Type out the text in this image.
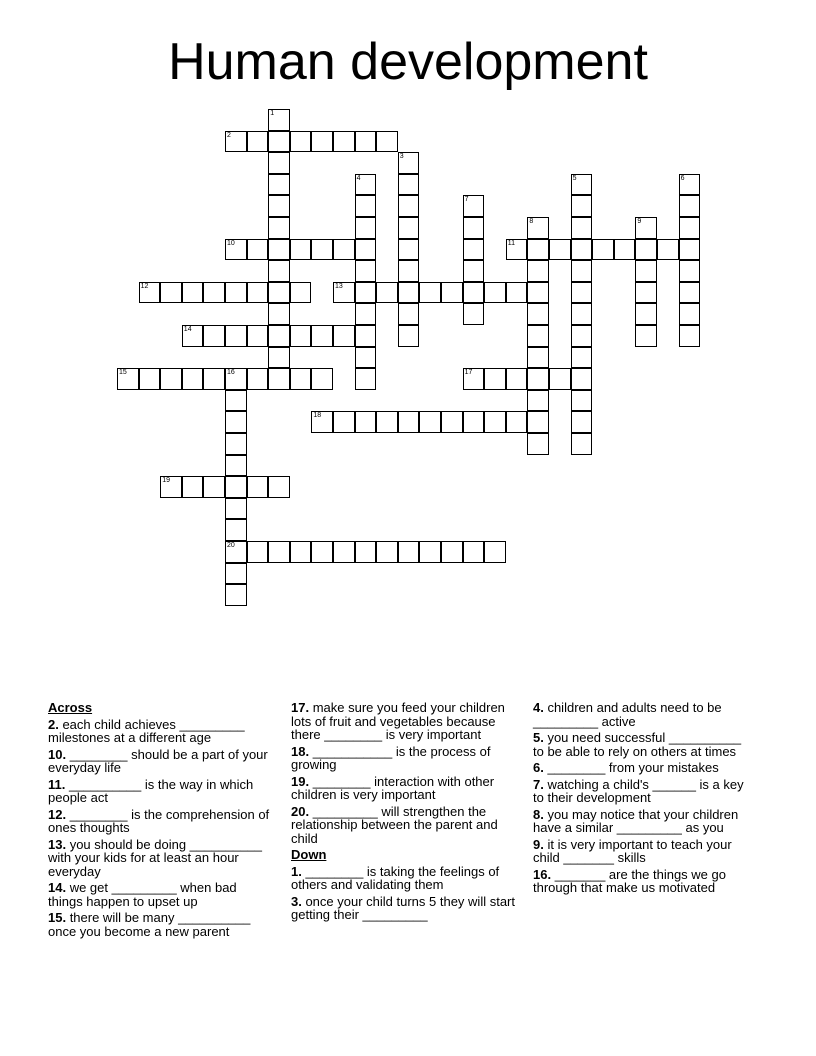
Human development
1
2
3
4	5	6
7
8	9
10	11
12	13
14
15	16
20
17
18
19
Across
2. each child achieves _________ milestones at a different age
10. ________ should be a part of your everyday life
11. __________ is the way in which people act
12. ________ is the comprehension of ones thoughts
13. you should be doing __________ with your kids for at least an hour everyday
14. we get _________ when bad things happen to upset up
15. there will be many __________ once you become a new parent
17. make sure you feed your children lots of fruit and vegetables because there ________ is very important
18. ___________ is the process of growing
19. ________ interaction with other children is very important
20. _________ will strengthen the relationship between the parent and child
Down
1. ________ is taking the feelings of others and validating them
3. once your child turns 5 they will start getting their _________
4. children and adults need to be _________ active
5. you need successful __________ to be able to rely on others at times
6. ________ from your mistakes
7. watching a child's ______ is a key to their development
8. you may notice that your children have a similar _________ as you
9. it is very important to teach your child _______ skills
16. _______ are the things we go through that make us motivated
